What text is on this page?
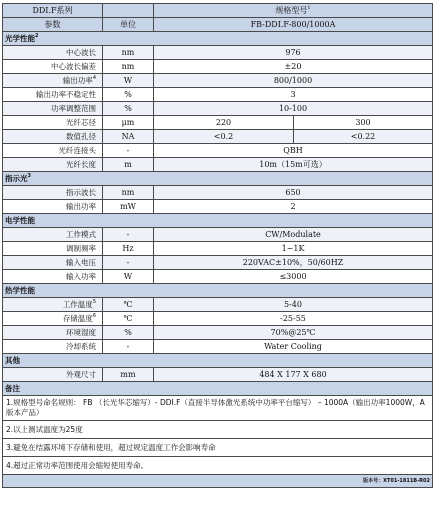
DDI.F系列		规格型号$^1$
参数	单位	FB-DDI.F-800/1000A	
光学性能$^2$
中心波长	nm	976	
中心波长偏差	nm	±20	
输出功率$^4$	W	800/1000	
输出功率不稳定性	%	3	
功率调整范围	%	10-100	
光纤芯径	μm	220	300
数值孔径	NA	<0.2	<0.22
光纤连接头	-	QBH	
光纤长度	m	10m（15m可选）	
指示光$^3$
指示波长	nm	650	
输出功率	mW	2	
电学性能			
工作模式	-	CW/Modulate	
调制频率	Hz	1~1K	
输入电压	-	220VAC±10%，50/60HZ	
输入功率	W	≤3000	
热学性能			
工作温度$^5$	℃	5-40	
存储温度$^6$	℃	-25-55	
环境湿度	%	70%@25℃	
冷却系统	-	Water Cooling	
其他			
外观尺寸	mm	484 X 177 X 680	
备注			
1.规格型号命名规则： FB （长光华芯缩写）- DDI.F（直接半导体激光系统中功率平台缩写） – 1000A（输出功率1000W，A版本产品）			
2.以上测试温度为25度			
3.避免在结露环境下存储和使用，超过规定温度工作会影响寿命			
4.超过正常功率范围使用会缩短使用寿命。			
版本号：XT01-1811B-R02			
